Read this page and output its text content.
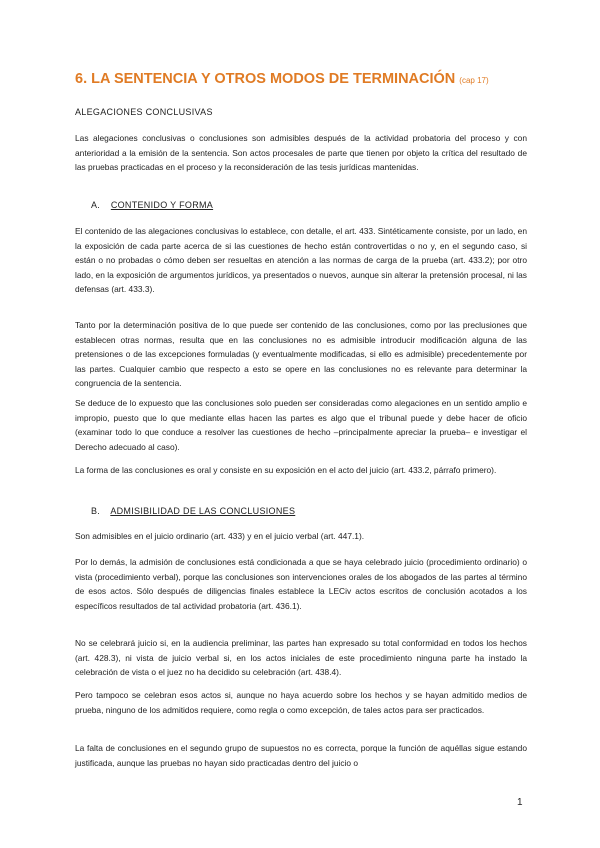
6. LA SENTENCIA Y OTROS MODOS DE TERMINACIÓN (cap 17)
ALEGACIONES CONCLUSIVAS

Las alegaciones conclusivas o conclusiones son admisibles después de la actividad probatoria del proceso y con anterioridad a la emisión de la sentencia. Son actos procesales de parte que tienen por objeto la crítica del resultado de las pruebas practicadas en el proceso y la reconsideración de las tesis jurídicas mantenidas.

A. CONTENIDO Y FORMA

El contenido de las alegaciones conclusivas lo establece, con detalle, el art. 433. Sintéticamente consiste, por un lado, en la exposición de cada parte acerca de si las cuestiones de hecho están controvertidas o no y, en el segundo caso, si están o no probadas o cómo deben ser resueltas en atención a las normas de carga de la prueba (art. 433.2); por otro lado, en la exposición de argumentos jurídicos, ya presentados o nuevos, aunque sin alterar la pretensión procesal, ni las defensas (art. 433.3).

Tanto por la determinación positiva de lo que puede ser contenido de las conclusiones, como por las preclusiones que establecen otras normas, resulta que en las conclusiones no es admisible introducir modificación alguna de las pretensiones o de las excepciones formuladas (y eventualmente modificadas, si ello es admisible) precedentemente por las partes. Cualquier cambio que respecto a esto se opere en las conclusiones no es relevante para determinar la congruencia de la sentencia.

Se deduce de lo expuesto que las conclusiones solo pueden ser consideradas como alegaciones en un sentido amplio e impropio, puesto que lo que mediante ellas hacen las partes es algo que el tribunal puede y debe hacer de oficio (examinar todo lo que conduce a resolver las cuestiones de hecho –principalmente apreciar la prueba– e investigar el Derecho adecuado al caso).

La forma de las conclusiones es oral y consiste en su exposición en el acto del juicio (art. 433.2, párrafo primero).

B. ADMISIBILIDAD DE LAS CONCLUSIONES

Son admisibles en el juicio ordinario (art. 433) y en el juicio verbal (art. 447.1).

Por lo demás, la admisión de conclusiones está condicionada a que se haya celebrado juicio (procedimiento ordinario) o vista (procedimiento verbal), porque las conclusiones son intervenciones orales de los abogados de las partes al término de esos actos. Sólo después de diligencias finales establece la LECiv actos escritos de conclusión acotados a los específicos resultados de tal actividad probatoria (art. 436.1).

No se celebrará juicio si, en la audiencia preliminar, las partes han expresado su total conformidad en todos los hechos (art. 428.3), ni vista de juicio verbal si, en los actos iniciales de este procedimiento ninguna parte ha instado la celebración de vista o el juez no ha decidido su celebración (art. 438.4).

Pero tampoco se celebran esos actos si, aunque no haya acuerdo sobre los hechos y se hayan admitido medios de prueba, ninguno de los admitidos requiere, como regla o como excepción, de tales actos para ser practicados.

La falta de conclusiones en el segundo grupo de supuestos no es correcta, porque la función de aquéllas sigue estando justificada, aunque las pruebas no hayan sido practicadas dentro del juicio o

1
